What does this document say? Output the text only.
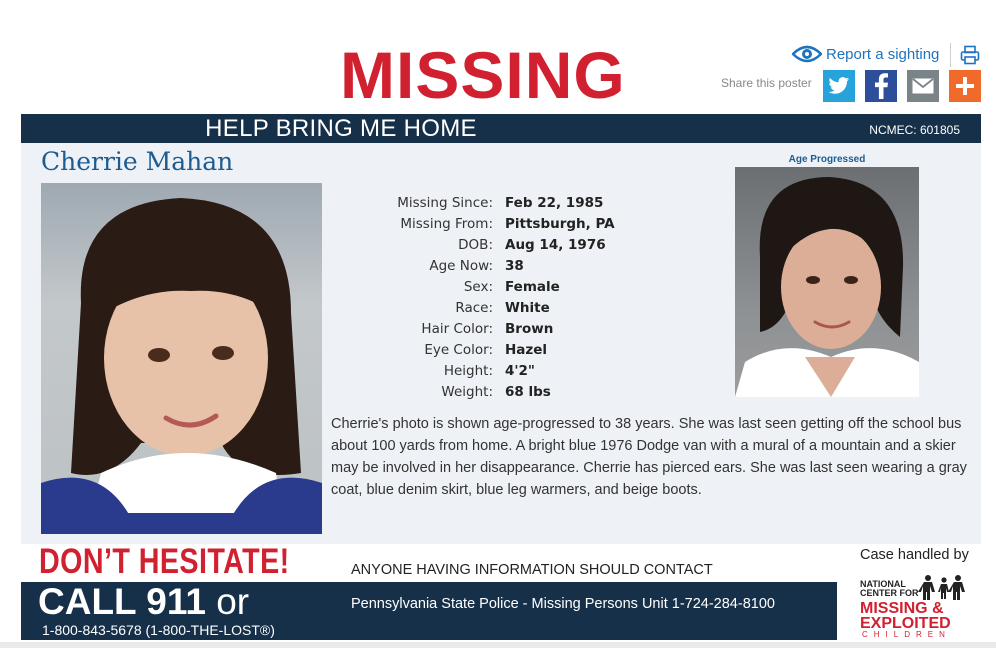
MISSING	Report a sighting
Share this poster
HELP BRING ME HOME	NCMEC: 601805
Cherrie Mahan	Age Progressed
Missing Since: Feb 22, 1985
Missing From: Pittsburgh, PA
DOB: Aug 14, 1976
Age Now: 38
Sex: Female
Race: White
Hair Color: Brown
Eye Color: Hazel
Height: 4'2"
Weight: 68 lbs
Cherrie's photo is shown age-progressed to 38 years. She was last seen getting off the school bus about 100 yards from home. A bright blue 1976 Dodge van with a mural of a mountain and a skier may be involved in her disappearance. Cherrie has pierced ears. She was last seen wearing a gray coat, blue denim skirt, blue leg warmers, and beige boots.
DON’T HESITATE!	ANYONE HAVING INFORMATION SHOULD CONTACT
Case handled by
CALL 911 or
1-800-843-5678 (1-800-THE-LOST®)
Pennsylvania State Police - Missing Persons Unit 1-724-284-8100
NATIONAL
CENTER FOR
MISSING &
EXPLOITED
CHILDREN
